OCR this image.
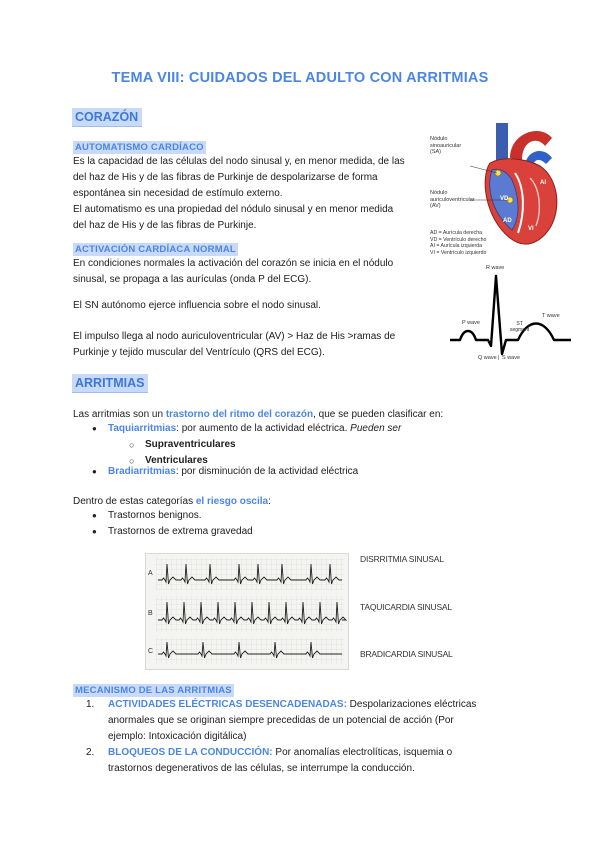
TEMA VIII: CUIDADOS DEL ADULTO CON ARRITMIAS
CORAZÓN
AUTOMATISMO CARDÍACO
Es la capacidad de las células del nodo sinusal y, en menor medida, de las
del haz de His y de las fibras de Purkinje de despolarizarse de forma
espontánea sin necesidad de estímulo externo.
El automatismo es una propiedad del nódulo sinusal y en menor medida
del haz de His y de las fibras de Purkinje.
ACTIVACIÓN CARDÍACA NORMAL
En condiciones normales la activación del corazón se inicia en el nódulo
sinusal, se propaga a las aurículas (onda P del ECG).
El SN autónomo ejerce influencia sobre el nodo sinusal.
El impulso llega al nodo auriculoventricular (AV) > Haz de His >ramas de
Purkinje y tejido muscular del Ventrículo (QRS del ECG).
Nódulo
sinoauricular
(SA)
Nódulo
auriculoventricular
(AV)
AD
VD
AI
VI
AD = Aurícula derecha
VD = Ventrículo derecho
AI = Aurícula izquierda
VI = Ventrículo izquierdo
R wave
P wave
T wave
ST
segment
Q wave | S wave
ARRITMIAS
Las arritmias son un trastorno del ritmo del corazón, que se pueden clasificar en:
● Taquiarritmias: por aumento de la actividad eléctrica. Pueden ser
○ Supraventriculares
○ Ventriculares
● Bradiarritmias: por disminución de la actividad eléctrica
Dentro de estas categorías el riesgo oscila:
● Trastornos benignos.
● Trastornos de extrema gravedad
A
B
C
DISRRITMIA SINUSAL
TAQUICARDIA SINUSAL
BRADICARDIA SINUSAL
MECANISMO DE LAS ARRITMIAS
1. ACTIVIDADES ELÉCTRICAS DESENCADENADAS: Despolarizaciones eléctricas
anormales que se originan siempre precedidas de un potencial de acción (Por
ejemplo: Intoxicación digitálica)
2. BLOQUEOS DE LA CONDUCCIÓN: Por anomalías electrolíticas, isquemia o
trastornos degenerativos de las células, se interrumpe la conducción.
